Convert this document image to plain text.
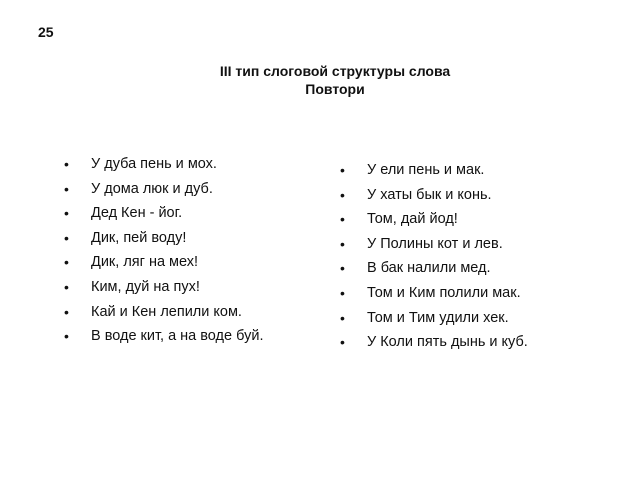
25
III тип слоговой структуры слова
Повтори
• У дуба пень и мох.
• У дома люк и дуб.
• Дед Кен - йог.
• Дик, пей воду!
• Дик, ляг на мех!
• Ким, дуй на пух!
• Кай и Кен лепили ком.
• В воде кит, а на воде буй.
• У ели пень и мак.
• У хаты бык и конь.
• Том, дай йод!
• У Полины кот и лев.
• В бак налили мед.
• Том и Ким полили мак.
• Том и Тим удили хек.
• У Коли пять дынь и куб.
